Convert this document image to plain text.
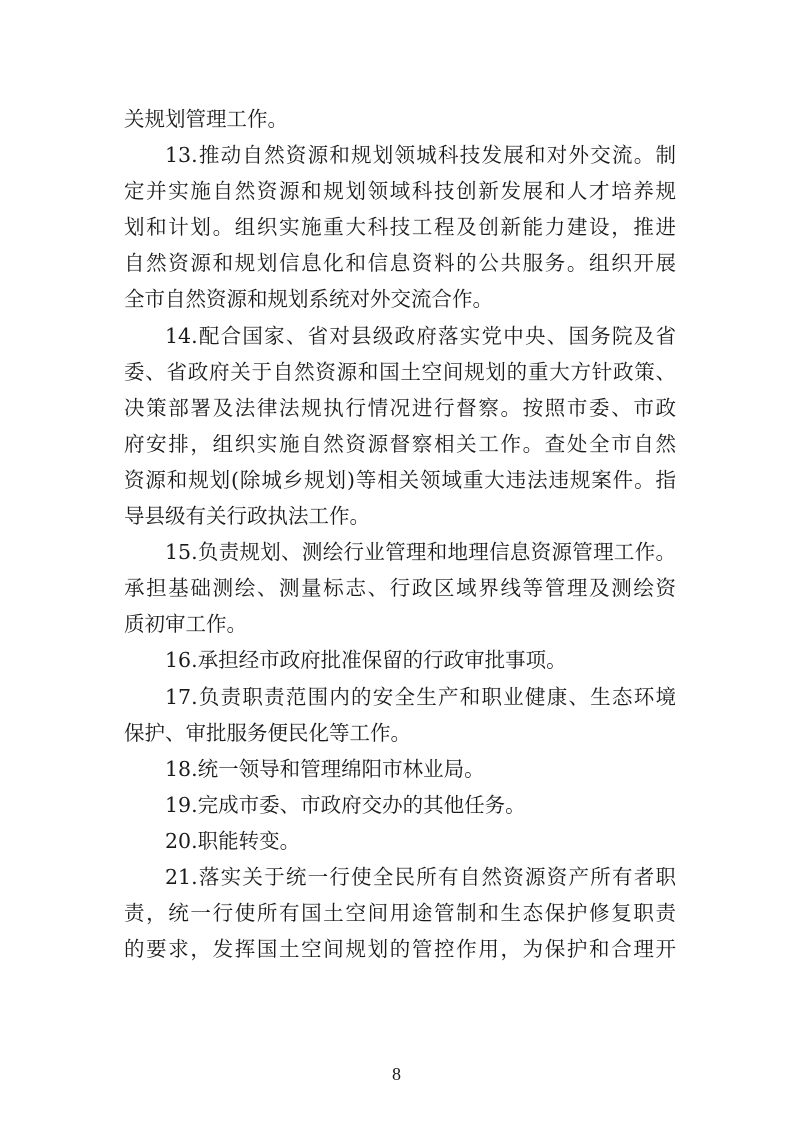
关规划管理工作。
13.推动自然资源和规划领城科技发展和对外交流。制
定并实施自然资源和规划领域科技创新发展和人才培养规
划和计划。组织实施重大科技工程及创新能力建设，推进
自然资源和规划信息化和信息资料的公共服务。组织开展
全市自然资源和规划系统对外交流合作。
14.配合国家、省对县级政府落实党中央、国务院及省
委、省政府关于自然资源和国土空间规划的重大方针政策、
决策部署及法律法规执行情况进行督察。按照市委、市政
府安排，组织实施自然资源督察相关工作。查处全市自然
资源和规划(除城乡规划)等相关领域重大违法违规案件。指
导县级有关行政执法工作。
15.负责规划、测绘行业管理和地理信息资源管理工作。
承担基础测绘、测量标志、行政区域界线等管理及测绘资
质初审工作。
16.承担经市政府批准保留的行政审批事项。
17.负责职责范围内的安全生产和职业健康、生态环境
保护、审批服务便民化等工作。
18.统一领导和管理绵阳市林业局。
19.完成市委、市政府交办的其他任务。
20.职能转变。
21.落实关于统一行使全民所有自然资源资产所有者职
责，统一行使所有国土空间用途管制和生态保护修复职责
的要求，发挥国土空间规划的管控作用，为保护和合理开
8
